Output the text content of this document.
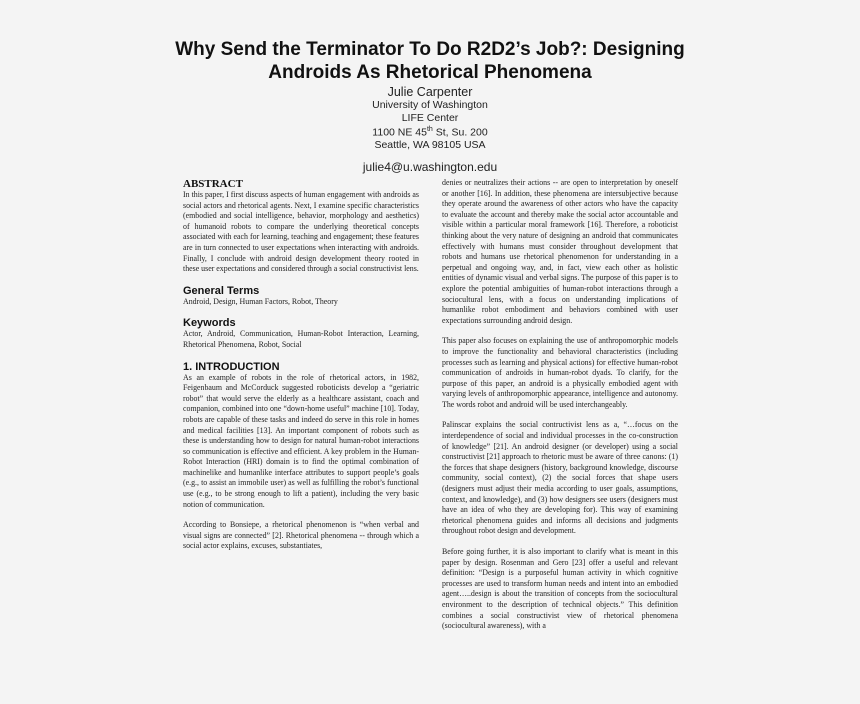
Why Send the Terminator To Do R2D2’s Job?: Designing
Androids As Rhetorical Phenomena
Julie Carpenter
University of Washington
LIFE Center
1100 NE 45th St, Su. 200
Seattle, WA 98105 USA
julie4@u.washington.edu
ABSTRACT

In this paper, I first discuss aspects of human engagement with androids as social actors and rhetorical agents. Next, I examine specific characteristics (embodied and social intelligence, behavior, morphology and aesthetics) of humanoid robots to compare the underlying theoretical concepts associated with each for learning, teaching and engagement; these features are in turn connected to user expectations when interacting with androids. Finally, I conclude with android design development theory rooted in these user expectations and considered through a social constructivist lens.

General Terms

Android, Design, Human Factors, Robot, Theory

Keywords

Actor, Android, Communication, Human-Robot Interaction, Learning, Rhetorical Phenomena, Robot, Social

1. INTRODUCTION

As an example of robots in the role of rhetorical actors, in 1982, Feigenbaum and McCorduck suggested roboticists develop a “geriatric robot” that would serve the elderly as a healthcare assistant, coach and companion, combined into one “down-home useful” machine [10]. Today, robots are capable of these tasks and indeed do serve in this role in homes and medical facilities [13]. An important component of robots such as these is understanding how to design for natural human-robot interactions so communication is effective and efficient. A key problem in the Human-Robot Interaction (HRI) domain is to find the optimal combination of machinelike and humanlike interface attributes to support people’s goals (e.g., to assist an immobile user) as well as fulfilling the robot’s functional use (e.g., to be strong enough to lift a patient), including the very basic notion of communication.

According to Bonsiepe, a rhetorical phenomenon is “when verbal and visual signs are connected” [2]. Rhetorical phenomena -- through which a social actor explains, excuses, substantiates,

denies or neutralizes their actions -- are open to interpretation by oneself or another [16]. In addition, these phenomena are intersubjective because they operate around the awareness of other actors who have the capacity to evaluate the account and thereby make the social actor accountable and visible within a particular moral framework [16]. Therefore, a roboticist thinking about the very nature of designing an android that communicates effectively with humans must consider throughout development that robots and humans use rhetorical phenomenon for understanding in a perpetual and ongoing way, and, in fact, view each other as holistic entities of dynamic visual and verbal signs. The purpose of this paper is to explore the potential ambiguities of human-robot interactions through a sociocultural lens, with a focus on understanding implications of humanlike robot embodiment and behaviors combined with user expectations surrounding android design.

This paper also focuses on explaining the use of anthropomorphic models to improve the functionality and behavioral characteristics (including processes such as learning and physical actions) for effective human-robot communication of androids in human-robot dyads. To clarify, for the purpose of this paper, an android is a physically embodied agent with varying levels of anthropomorphic appearance, intelligence and autonomy. The words robot and android will be used interchangeably.

Palinscar explains the social contructivist lens as a, “…focus on the interdependence of social and individual processes in the co-construction of knowledge” [21]. An android designer (or developer) using a social constructivist [21] approach to rhetoric must be aware of three canons: (1) the forces that shape designers (history, background knowledge, discourse community, social context), (2) the social forces that shape users (designers must adjust their media according to user goals, assumptions, context, and knowledge), and (3) how designers see users (designers must have an idea of who they are developing for). This way of examining rhetorical phenomena guides and informs all decisions and judgments throughout robot design and development.

Before going further, it is also important to clarify what is meant in this paper by design. Rosenman and Gero [23] offer a useful and relevant definition: “Design is a purposeful human activity in which cognitive processes are used to transform human needs and intent into an embodied agent…..design is about the transition of concepts from the sociocultural environment to the description of technical objects.” This definition combines a social constructivist view of rhetorical phenomena (sociocultural awareness), with a
